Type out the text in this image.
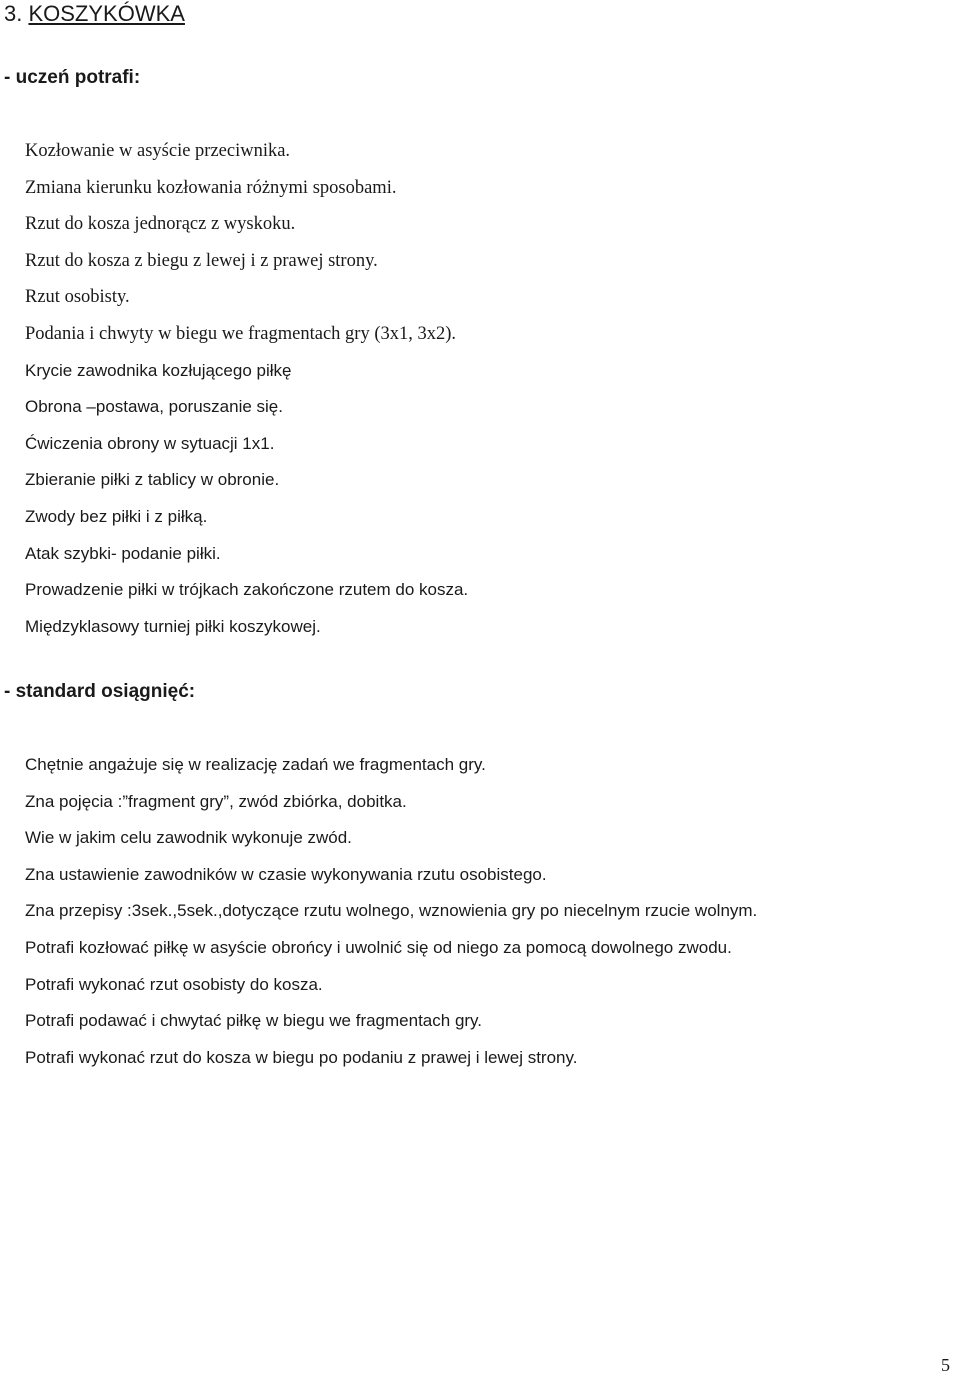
3. KOSZYKÓWKA
- uczeń potrafi:
Kozłowanie w asyście przeciwnika.
Zmiana kierunku kozłowania różnymi sposobami.
Rzut do kosza jednorącz z wyskoku.
Rzut do kosza z biegu z lewej i z prawej strony.
Rzut osobisty.
Podania i chwyty w biegu we fragmentach gry (3x1, 3x2).
Krycie zawodnika kozłującego piłkę
Obrona –postawa, poruszanie się.
Ćwiczenia obrony w sytuacji 1x1.
Zbieranie piłki z tablicy w obronie.
Zwody bez piłki i z piłką.
Atak szybki- podanie piłki.
Prowadzenie piłki w trójkach zakończone rzutem do kosza.
Międzyklasowy turniej piłki koszykowej.
- standard osiągnięć:
Chętnie angażuje się w realizację zadań we fragmentach gry.
Zna pojęcia :”fragment gry”, zwód zbiórka, dobitka.
Wie w jakim celu zawodnik wykonuje zwód.
Zna ustawienie zawodników w czasie wykonywania rzutu osobistego.
Zna przepisy :3sek.,5sek.,dotyczące rzutu wolnego, wznowienia gry po niecelnym rzucie wolnym.
Potrafi kozłować piłkę w asyście obrońcy i uwolnić się od niego za pomocą dowolnego zwodu.
Potrafi wykonać rzut osobisty do kosza.
Potrafi podawać i chwytać piłkę w biegu we fragmentach gry.
Potrafi wykonać rzut do kosza w biegu po podaniu z prawej i lewej strony.
5
